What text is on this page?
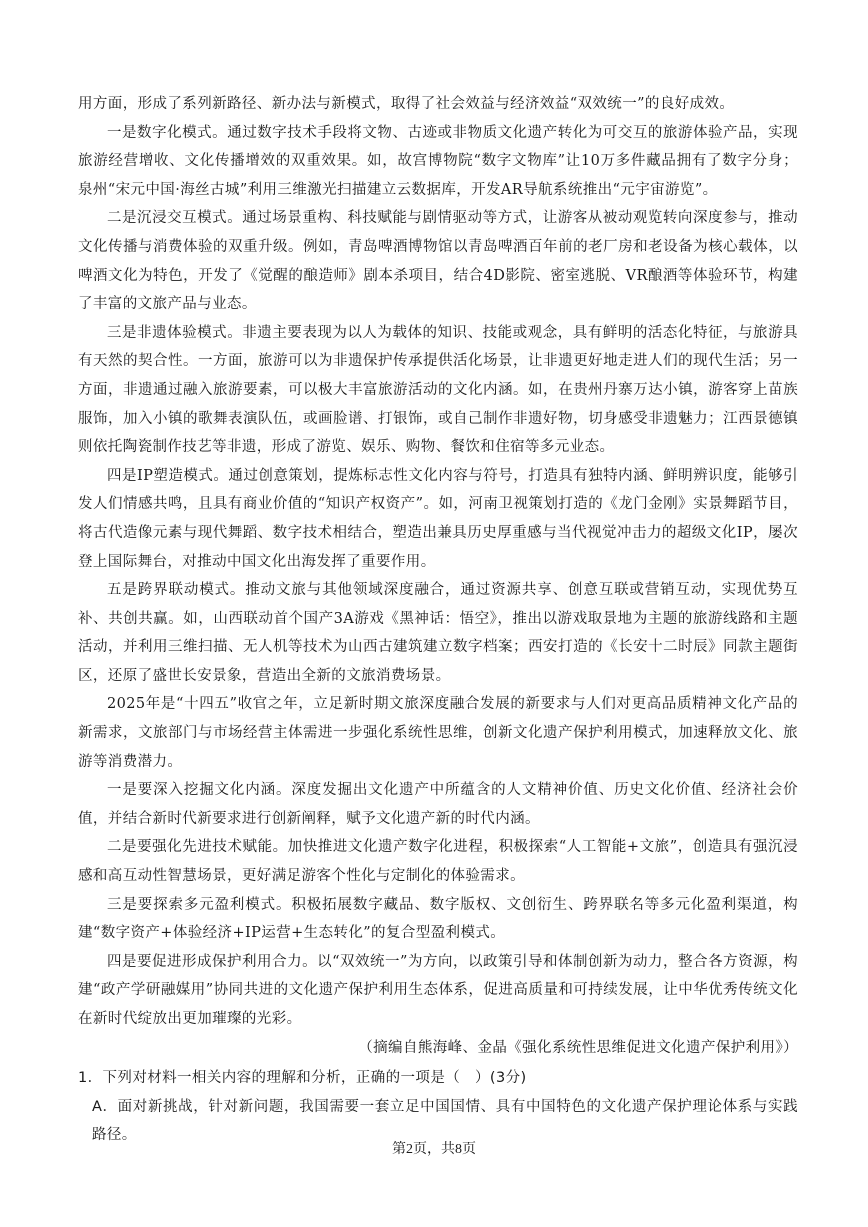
用方面，形成了系列新路径、新办法与新模式，取得了社会效益与经济效益“双效统一”的良好成效。

一是数字化模式。通过数字技术手段将文物、古迹或非物质文化遗产转化为可交互的旅游体验产品，实现旅游经营增收、文化传播增效的双重效果。如，故宫博物院“数字文物库”让10万多件藏品拥有了数字分身；泉州“宋元中国·海丝古城”利用三维激光扫描建立云数据库，开发AR导航系统推出“元宇宙游览”。

二是沉浸交互模式。通过场景重构、科技赋能与剧情驱动等方式，让游客从被动观览转向深度参与，推动文化传播与消费体验的双重升级。例如，青岛啤酒博物馆以青岛啤酒百年前的老厂房和老设备为核心载体，以啤酒文化为特色，开发了《觉醒的酿造师》剧本杀项目，结合4D影院、密室逃脱、VR酿酒等体验环节，构建了丰富的文旅产品与业态。

三是非遗体验模式。非遗主要表现为以人为载体的知识、技能或观念，具有鲜明的活态化特征，与旅游具有天然的契合性。一方面，旅游可以为非遗保护传承提供活化场景，让非遗更好地走进人们的现代生活；另一方面，非遗通过融入旅游要素，可以极大丰富旅游活动的文化内涵。如，在贵州丹寨万达小镇，游客穿上苗族服饰，加入小镇的歌舞表演队伍，或画脸谱、打银饰，或自己制作非遗好物，切身感受非遗魅力；江西景德镇则依托陶瓷制作技艺等非遗，形成了游览、娱乐、购物、餐饮和住宿等多元业态。

四是IP塑造模式。通过创意策划，提炼标志性文化内容与符号，打造具有独特内涵、鲜明辨识度，能够引发人们情感共鸣，且具有商业价值的“知识产权资产”。如，河南卫视策划打造的《龙门金刚》实景舞蹈节目，将古代造像元素与现代舞蹈、数字技术相结合，塑造出兼具历史厚重感与当代视觉冲击力的超级文化IP，屡次登上国际舞台，对推动中国文化出海发挥了重要作用。

五是跨界联动模式。推动文旅与其他领域深度融合，通过资源共享、创意互联或营销互动，实现优势互补、共创共赢。如，山西联动首个国产3A游戏《黑神话：悟空》，推出以游戏取景地为主题的旅游线路和主题活动，并利用三维扫描、无人机等技术为山西古建筑建立数字档案；西安打造的《长安十二时辰》同款主题街区，还原了盛世长安景象，营造出全新的文旅消费场景。

2025年是“十四五”收官之年，立足新时期文旅深度融合发展的新要求与人们对更高品质精神文化产品的新需求，文旅部门与市场经营主体需进一步强化系统性思维，创新文化遗产保护利用模式，加速释放文化、旅游等消费潜力。

一是要深入挖掘文化内涵。深度发掘出文化遗产中所蕴含的人文精神价值、历史文化价值、经济社会价值，并结合新时代新要求进行创新阐释，赋予文化遗产新的时代内涵。

二是要强化先进技术赋能。加快推进文化遗产数字化进程，积极探索“人工智能+文旅”，创造具有强沉浸感和高互动性智慧场景，更好满足游客个性化与定制化的体验需求。

三是要探索多元盈利模式。积极拓展数字藏品、数字版权、文创衍生、跨界联名等多元化盈利渠道，构建“数字资产+体验经济+IP运营+生态转化”的复合型盈利模式。

四是要促进形成保护利用合力。以“双效统一”为方向，以政策引导和体制创新为动力，整合各方资源，构建“政产学研融媒用”协同共进的文化遗产保护利用生态体系，促进高质量和可持续发展，让中华优秀传统文化在新时代绽放出更加璀璨的光彩。

（摘编自熊海峰、金晶《强化系统性思维促进文化遗产保护利用》）

1．下列对材料一相关内容的理解和分析，正确的一项是（　）(3分)

A．面对新挑战，针对新问题，我国需要一套立足中国国情、具有中国特色的文化遗产保护理论体系与实践路径。

第2页，共8页
